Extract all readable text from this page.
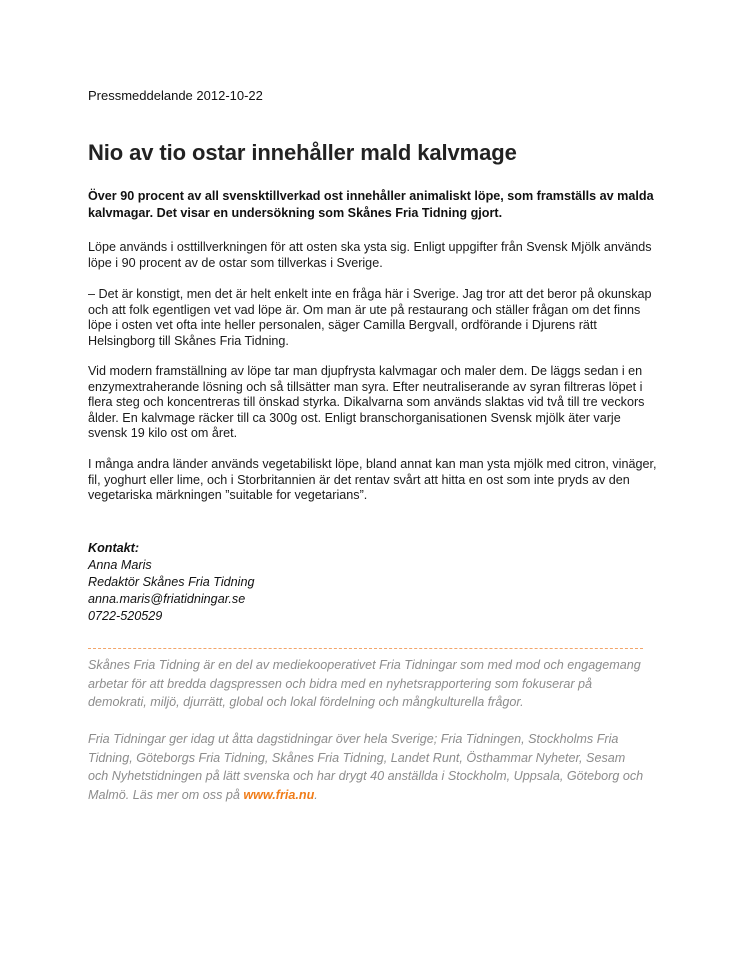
Pressmeddelande 2012-10-22
Nio av tio ostar innehåller mald kalvmage

Över 90 procent av all svensktillverkad ost innehåller animaliskt löpe, som framställs av malda kalvmagar. Det visar en undersökning som Skånes Fria Tidning gjort.

Löpe används i osttillverkningen för att osten ska ysta sig. Enligt uppgifter från Svensk Mjölk används löpe i 90 procent av de ostar som tillverkas i Sverige.

– Det är konstigt, men det är helt enkelt inte en fråga här i Sverige. Jag tror att det beror på okunskap och att folk egentligen vet vad löpe är. Om man är ute på restaurang och ställer frågan om det finns löpe i osten vet ofta inte heller personalen, säger Camilla Bergvall, ordförande i Djurens rätt Helsingborg till Skånes Fria Tidning.

Vid modern framställning av löpe tar man djupfrysta kalvmagar och maler dem. De läggs sedan i en enzymextraherande lösning och så tillsätter man syra. Efter neutraliserande av syran filtreras löpet i flera steg och koncentreras till önskad styrka. Dikalvarna som används slaktas vid två till tre veckors ålder. En kalvmage räcker till ca 300g ost. Enligt branschorganisationen Svensk mjölk äter varje svensk 19 kilo ost om året.

I många andra länder används vegetabiliskt löpe, bland annat kan man ysta mjölk med citron, vinäger, fil, yoghurt eller lime, och i Storbritannien är det rentav svårt att hitta en ost som inte pryds av den vegetariska märkningen ”suitable for vegetarians”.

Kontakt:
Anna Maris
Redaktör Skånes Fria Tidning
anna.maris@friatidningar.se
0722-520529

Skånes Fria Tidning är en del av mediekooperativet Fria Tidningar som med mod och engagemang arbetar för att bredda dagspressen och bidra med en nyhetsrapportering som fokuserar på demokrati, miljö, djurrätt, global och lokal fördelning och mångkulturella frågor.

Fria Tidningar ger idag ut åtta dagstidningar över hela Sverige; Fria Tidningen, Stockholms Fria Tidning, Göteborgs Fria Tidning, Skånes Fria Tidning, Landet Runt, Östhammar Nyheter, Sesam och Nyhetstidningen på lätt svenska och har drygt 40 anställda i Stockholm, Uppsala, Göteborg och Malmö. Läs mer om oss på www.fria.nu.
